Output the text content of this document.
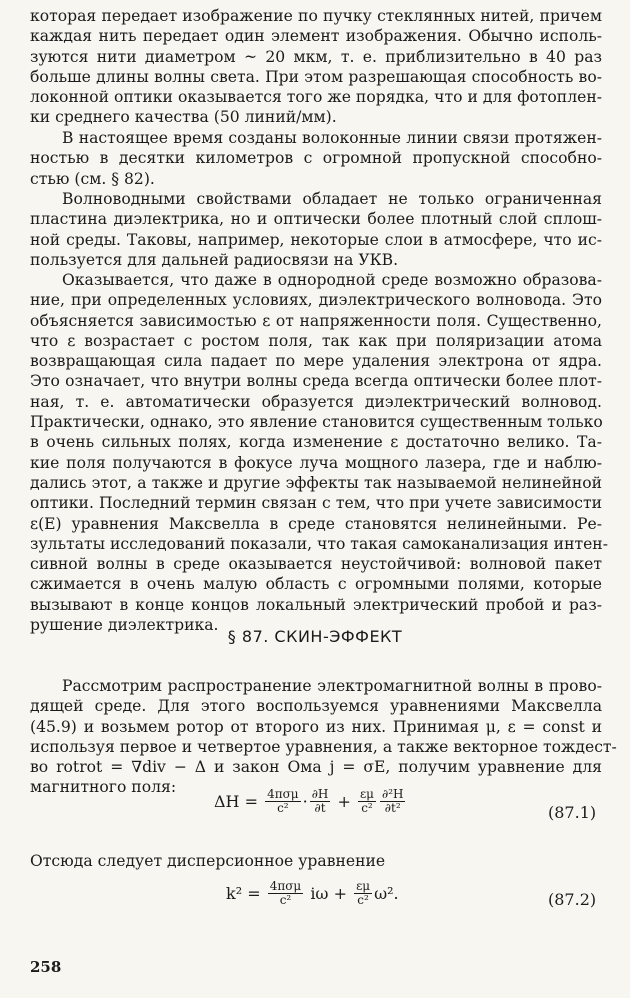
которая передает изображение по пучку стеклянных нитей, причем
каждая нить передает один элемент изображения. Обычно исполь-
зуются нити диаметром ~ 20 мкм, т. е. приблизительно в 40 раз
больше длины волны света. При этом разрешающая способность во-
локонной оптики оказывается того же порядка, что и для фотоплен-
ки среднего качества (50 линий/мм).
В настоящее время созданы волоконные линии связи протяжен-
ностью в десятки километров с огромной пропускной способно-
стью (см. § 82).
Волноводными свойствами обладает не только ограниченная
пластина диэлектрика, но и оптически более плотный слой сплош-
ной среды. Таковы, например, некоторые слои в атмосфере, что ис-
пользуется для дальней радиосвязи на УКВ.
Оказывается, что даже в однородной среде возможно образова-
ние, при определенных условиях, диэлектрического волновода. Это
объясняется зависимостью ε от напряженности поля. Существенно,
что ε возрастает с ростом поля, так как при поляризации атома
возвращающая сила падает по мере удаления электрона от ядра.
Это означает, что внутри волны среда всегда оптически более плот-
ная, т. е. автоматически образуется диэлектрический волновод.
Практически, однако, это явление становится существенным только
в очень сильных полях, когда изменение ε достаточно велико. Та-
кие поля получаются в фокусе луча мощного лазера, где и наблю-
дались этот, а также и другие эффекты так называемой нелинейной
оптики. Последний термин связан с тем, что при учете зависимости
ε(E) уравнения Максвелла в среде становятся нелинейными. Ре-
зультаты исследований показали, что такая самоканализация интен-
сивной волны в среде оказывается неустойчивой: волновой пакет
сжимается в очень малую область с огромными полями, которые
вызывают в конце концов локальный электрический пробой и раз-
рушение диэлектрика.
§ 87. СКИН-ЭФФЕКТ
Рассмотрим распространение электромагнитной волны в прово-
дящей среде. Для этого воспользуемся уравнениями Максвелла
(45.9) и возьмем ротор от второго из них. Принимая μ, ε = const и
используя первое и четвертое уравнения, а также векторное тождест-
во rotrot = ∇div − Δ и закон Ома j = σE, получим уравнение для
магнитного поля:
ΔH =
$\frac{\text{4πσμ}}{\text{c²}} \cdot \frac{\partial H}{\partial t}$
+
$\frac{\varepsilon\mu}{\text{c²}} \frac{\text{∂²H}}{\text{∂t²}}$	(87.1)
Отсюда следует дисперсионное уравнение
k² =
$\frac{\text{4πσμ}}{\text{c²}}$
iω +
$\frac{\varepsilon\mu}{\text{c²}} \omega^2$.	(87.2)
258
